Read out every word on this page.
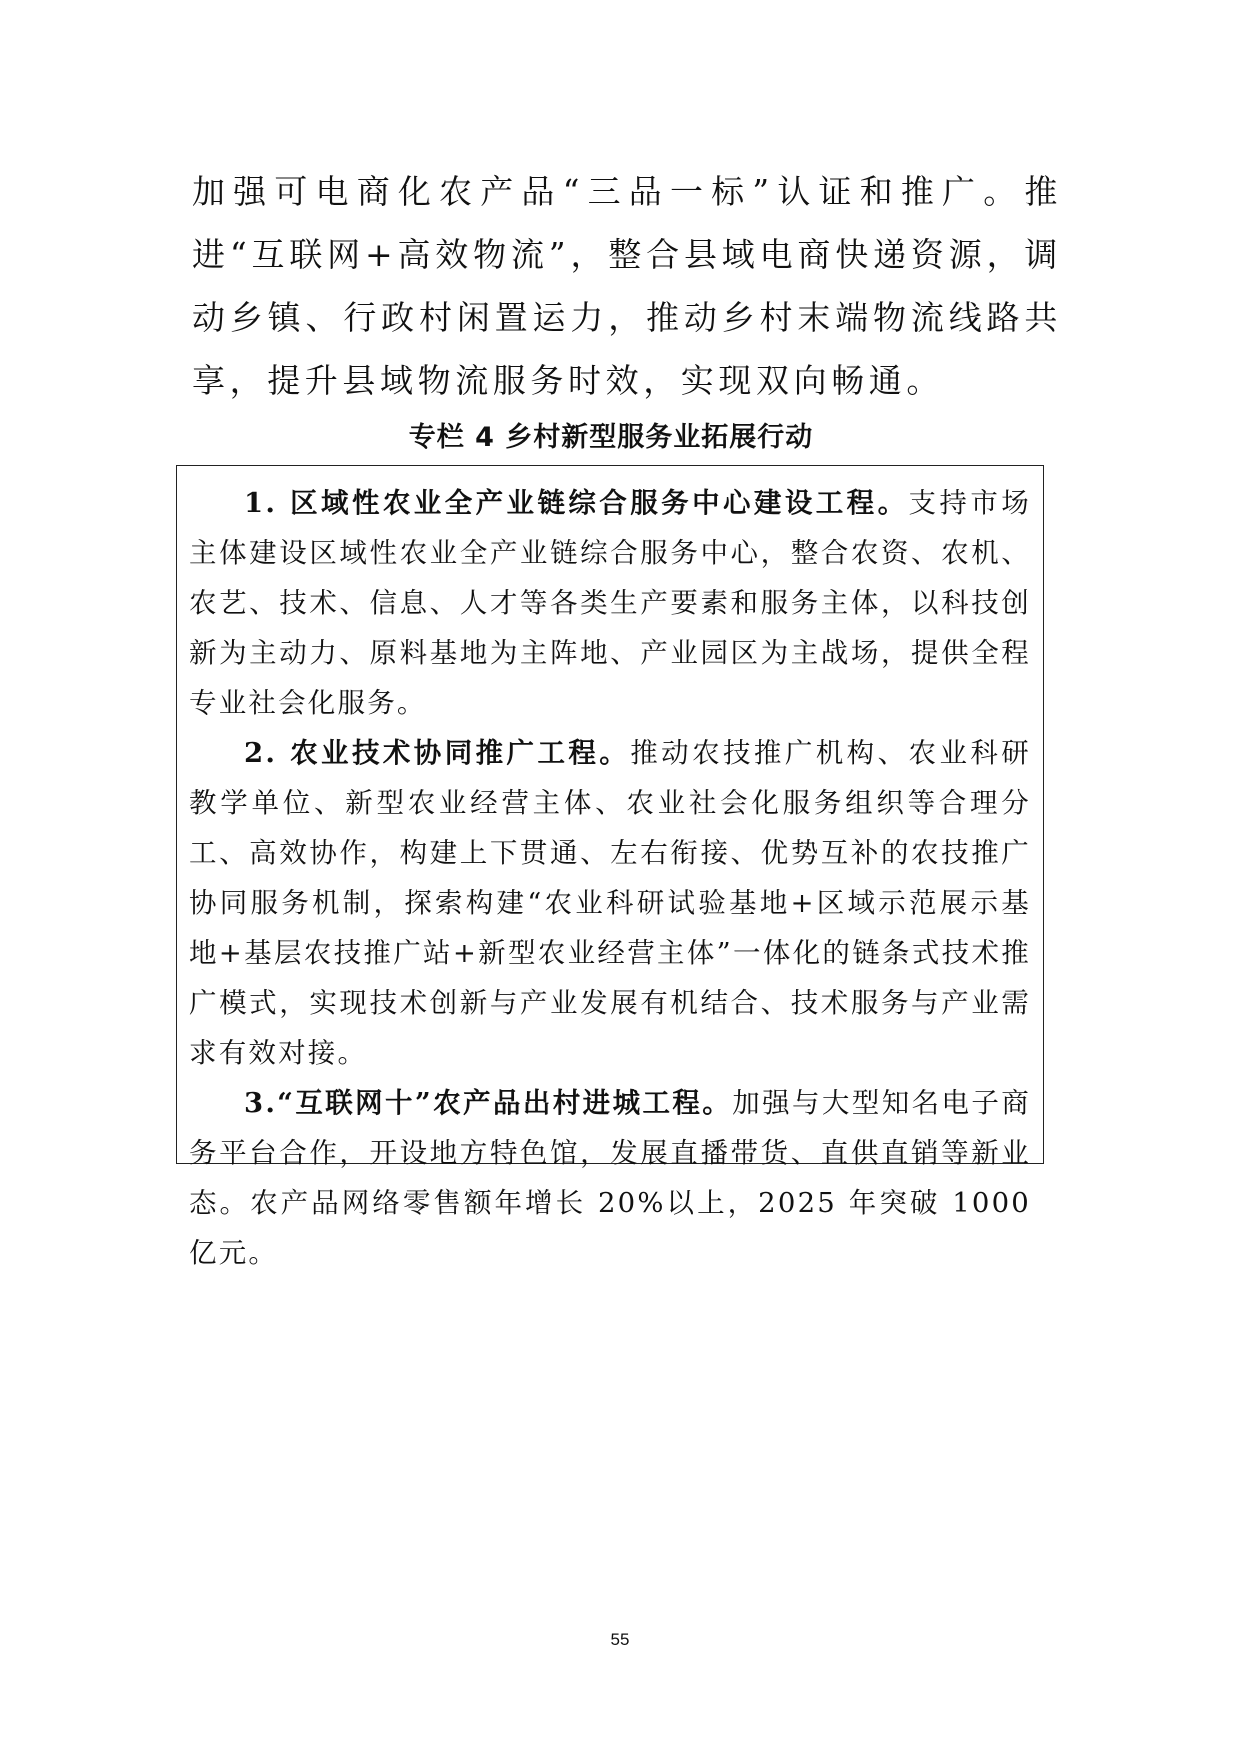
加强可电商化农产品“三品一标”认证和推广。推进“互联网+高效物流”，整合县域电商快递资源，调动乡镇、行政村闲置运力，推动乡村末端物流线路共享，提升县域物流服务时效，实现双向畅通。

专栏 4 乡村新型服务业拓展行动

1. 区域性农业全产业链综合服务中心建设工程。支持市场主体建设区域性农业全产业链综合服务中心，整合农资、农机、农艺、技术、信息、人才等各类生产要素和服务主体，以科技创新为主动力、原料基地为主阵地、产业园区为主战场，提供全程专业社会化服务。

2. 农业技术协同推广工程。推动农技推广机构、农业科研教学单位、新型农业经营主体、农业社会化服务组织等合理分工、高效协作，构建上下贯通、左右衔接、优势互补的农技推广协同服务机制，探索构建“农业科研试验基地+区域示范展示基地+基层农技推广站+新型农业经营主体”一体化的链条式技术推广模式，实现技术创新与产业发展有机结合、技术服务与产业需求有效对接。

3.“互联网十”农产品出村进城工程。加强与大型知名电子商务平台合作，开设地方特色馆，发展直播带货、直供直销等新业态。农产品网络零售额年增长 20%以上，2025 年突破 1000 亿元。

55
